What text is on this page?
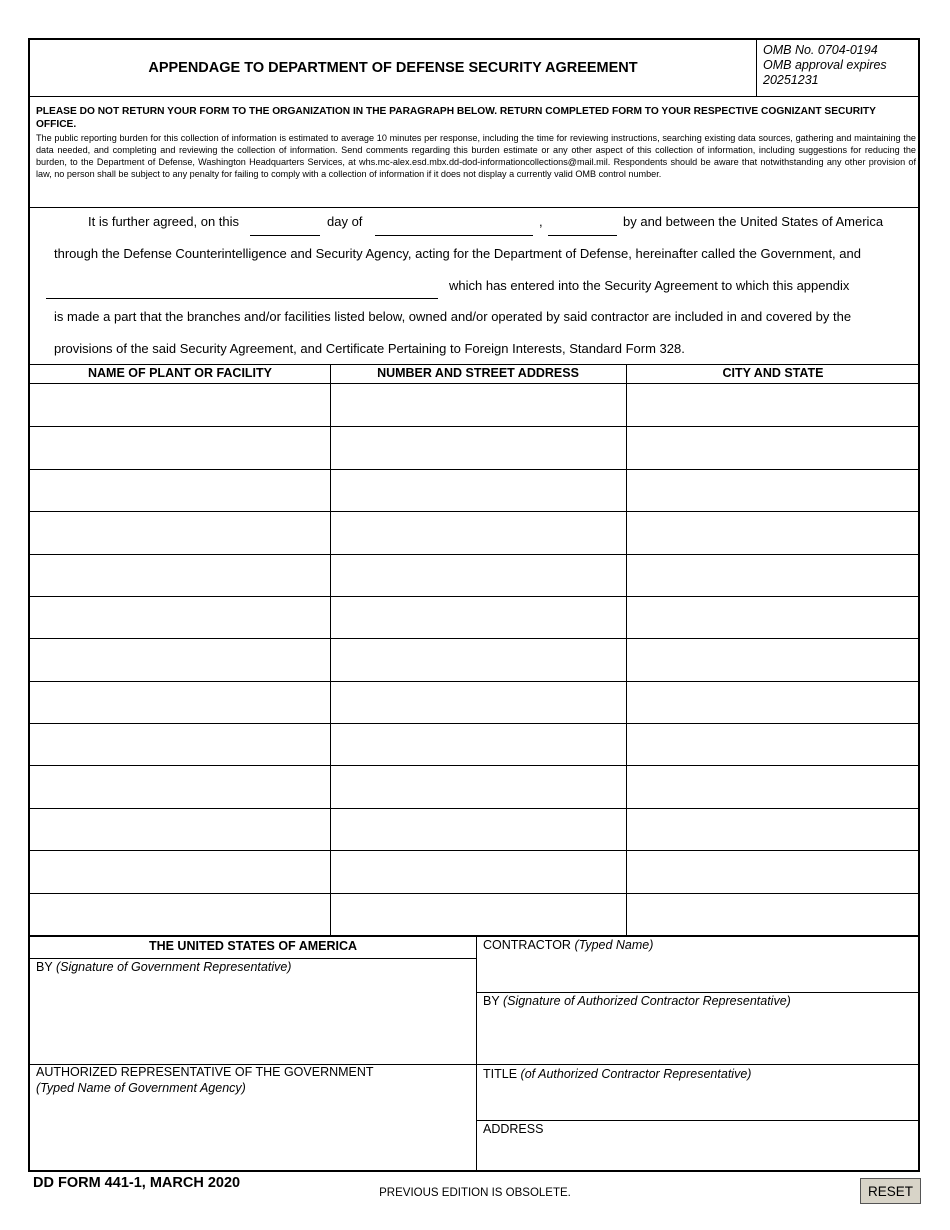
APPENDAGE TO DEPARTMENT OF DEFENSE SECURITY AGREEMENT
OMB No. 0704-0194
OMB approval expires
20251231
PLEASE DO NOT RETURN YOUR FORM TO THE ORGANIZATION IN THE PARAGRAPH BELOW. RETURN COMPLETED FORM TO YOUR RESPECTIVE COGNIZANT SECURITY OFFICE.
The public reporting burden for this collection of information is estimated to average 10 minutes per response, including the time for reviewing instructions, searching existing data sources, gathering and maintaining the data needed, and completing and reviewing the collection of information. Send comments regarding this burden estimate or any other aspect of this collection of information, including suggestions for reducing the burden, to the Department of Defense, Washington Headquarters Services, at whs.mc-alex.esd.mbx.dd-dod-informationcollections@mail.mil. Respondents should be aware that notwithstanding any other provision of law, no person shall be subject to any penalty for failing to comply with a collection of information if it does not display a currently valid OMB control number.
It is further agreed, on this	day of	,	by and between the United States of America
through the Defense Counterintelligence and Security Agency, acting for the Department of Defense, hereinafter called the Government, and
which has entered into the Security Agreement to which this appendix
is made a part that the branches and/or facilities listed below, owned and/or operated by said contractor are included in and covered by the
provisions of the said Security Agreement, and Certificate Pertaining to Foreign Interests, Standard Form 328.
NAME OF PLANT OR FACILITY	NUMBER AND STREET ADDRESS	CITY AND STATE
THE UNITED STATES OF AMERICA
BY (Signature of Government Representative)
AUTHORIZED REPRESENTATIVE OF THE GOVERNMENT
(Typed Name of Government Agency)
CONTRACTOR (Typed Name)
BY (Signature of Authorized Contractor Representative)
TITLE (of Authorized Contractor Representative)
ADDRESS
DD FORM 441-1, MARCH 2020
PREVIOUS EDITION IS OBSOLETE.	RESET
